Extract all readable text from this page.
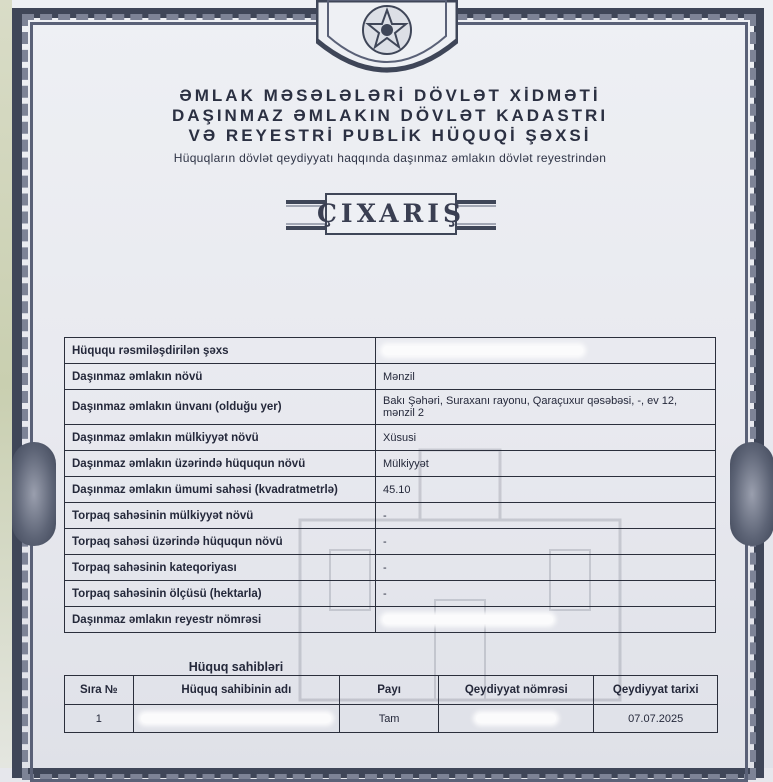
ƏMLAK MƏSƏLƏLƏRİ DÖVLƏT XİDMƏTİ
DAŞINMAZ ƏMLAKIN DÖVLƏT KADASTRI
VƏ REYESTRİ PUBLİK HÜQUQİ ŞƏXSİ
Hüquqların dövlət qeydiyyatı haqqında daşınmaz əmlakın dövlət reyestrindən
ÇIXARIŞ
Hüququ rəsmiləşdirilən şəxs	
Daşınmaz əmlakın növü	Mənzil
Daşınmaz əmlakın ünvanı (olduğu yer)	Bakı Şəhəri, Suraxanı rayonu, Qaraçuxur qəsəbəsi, -, ev 12, mənzil 2
Daşınmaz əmlakın mülkiyyət növü	Xüsusi
Daşınmaz əmlakın üzərində hüququn növü	Mülkiyyət
Daşınmaz əmlakın ümumi sahəsi (kvadratmetrlə)	45.10
Torpaq sahəsinin mülkiyyət növü	-
Torpaq sahəsi üzərində hüququn növü	-
Torpaq sahəsinin kateqoriyası	-
Torpaq sahəsinin ölçüsü (hektarla)	-
Daşınmaz əmlakın reyestr nömrəsi	
Hüquq sahibləri
Sıra №	Hüquq sahibinin adı	Payı	Qeydiyyat nömrəsi	Qeydiyyat tarixi
1		Tam		07.07.2025
